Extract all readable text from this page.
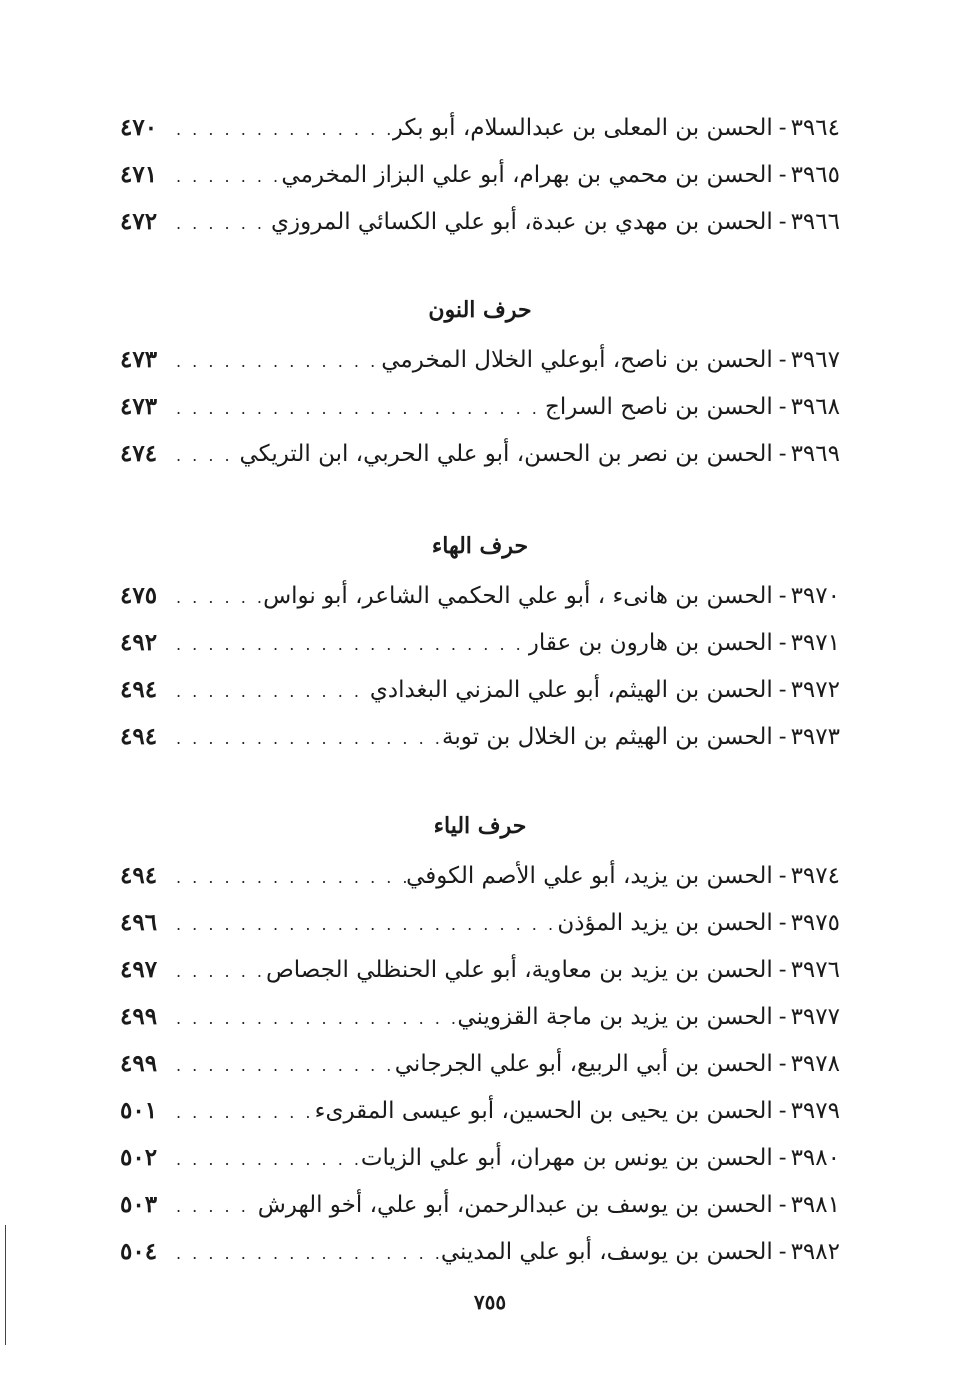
٣٩٦٤
-
الحسن بن المعلى بن عبدالسلام، أبو بكر
. . .
٤٧٠
٣٩٦٥
-
الحسن بن محمي بن بهرام، أبو علي البزاز المخرمي
. . .
٤٧١
٣٩٦٦
-
الحسن بن مهدي بن عبدة، أبو علي الكسائي المروزي
. . .
٤٧٢
حرف النون
٣٩٦٧
-
الحسن بن ناصح، أبوعلي الخلال المخرمي
. . .
٤٧٣
٣٩٦٨
-
الحسن بن ناصح السراج
. . .
٤٧٣
٣٩٦٩
-
الحسن بن نصر بن الحسن، أبو علي الحربي، ابن التريكي
. . .
٤٧٤
حرف الهاء
٣٩٧٠
-
الحسن بن هانىء ، أبو علي الحكمي الشاعر، أبو نواس
. . .
٤٧٥
٣٩٧١
-
الحسن بن هارون بن عقار
. . .
٤٩٢
٣٩٧٢
-
الحسن بن الهيثم، أبو علي المزني البغدادي
. . .
٤٩٤
٣٩٧٣
-
الحسن بن الهيثم بن الخلال بن توبة
. . .
٤٩٤
حرف الياء
٣٩٧٤
-
الحسن بن يزيد، أبو علي الأصم الكوفي
. . .
٤٩٤
٣٩٧٥
-
الحسن بن يزيد المؤذن
. . .
٤٩٦
٣٩٧٦
-
الحسن بن يزيد بن معاوية، أبو علي الحنظلي الجصاص
. . .
٤٩٧
٣٩٧٧
-
الحسن بن يزيد بن ماجة القزويني
. . .
٤٩٩
٣٩٧٨
-
الحسن بن أبي الربيع، أبو علي الجرجاني
. . .
٤٩٩
٣٩٧٩
-
الحسن بن يحيى بن الحسين، أبو عيسى المقرىء
. . .
٥٠١
٣٩٨٠
-
الحسن بن يونس بن مهران، أبو علي الزيات
. . .
٥٠٢
٣٩٨١
-
الحسن بن يوسف بن عبدالرحمن، أبو علي، أخو الهرش
. . .
٥٠٣
٣٩٨٢
-
الحسن بن يوسف، أبو علي المديني
. . .
٥٠٤
٧٥٥
